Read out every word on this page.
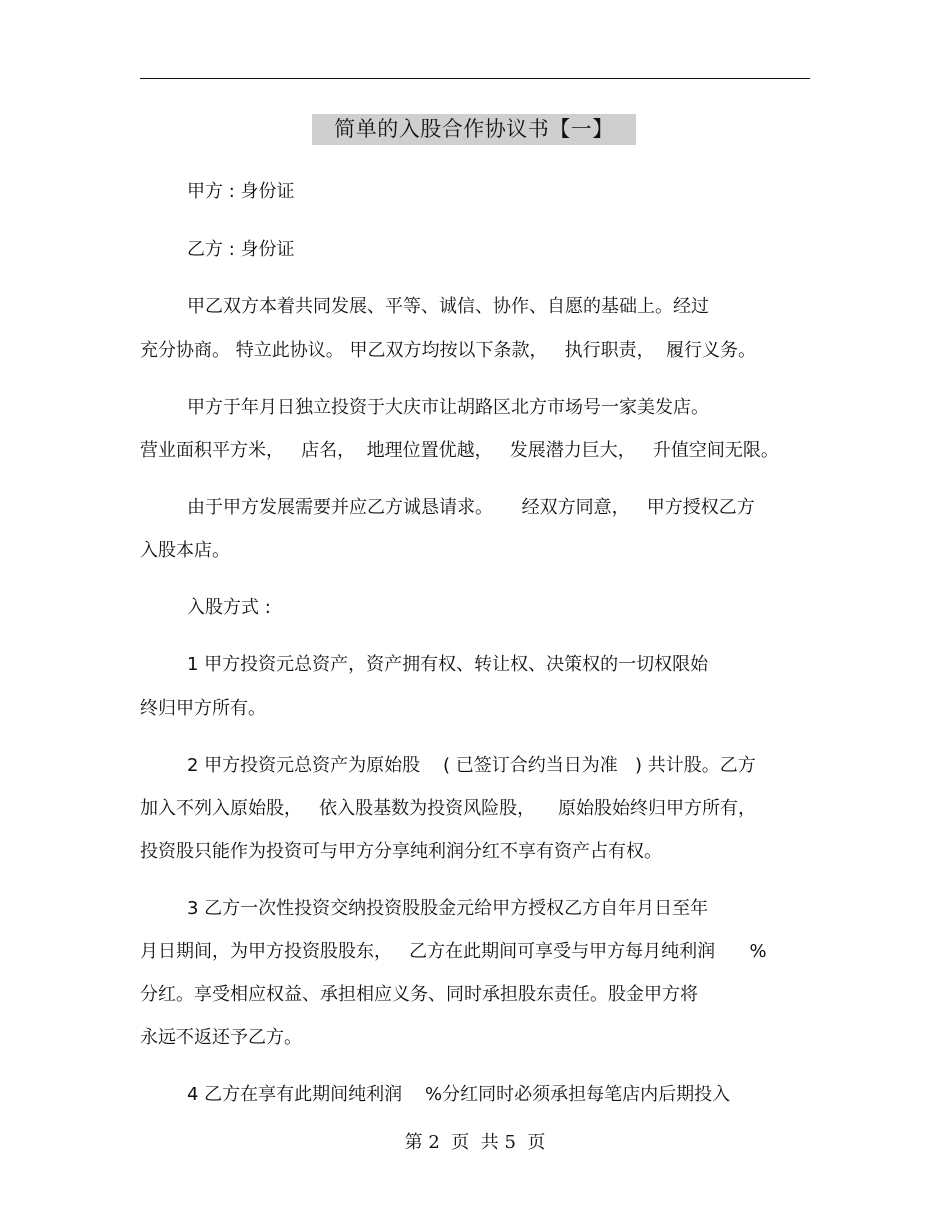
简单的入股合作协议书【一】
甲方 : 身份证
乙方 : 身份证
甲乙双方本着共同发展、平等、诚信、协作、自愿的基础上。经过
充分协商。 特立此协议。 甲乙双方均按以下条款，   执行职责，  履行义务。
甲方于年月日独立投资于大庆市让胡路区北方市场号一家美发店。
营业面积平方米，   店名，  地理位置优越，   发展潜力巨大，   升值空间无限。
由于甲方发展需要并应乙方诚恳请求。     经双方同意，   甲方授权乙方
入股本店。
入股方式 :
1 甲方投资元总资产，资产拥有权、转让权、决策权的一切权限始
终归甲方所有。
2 甲方投资元总资产为原始股    ( 已签订合约当日为准   ) 共计股。乙方
加入不列入原始股，   依入股基数为投资风险股，    原始股始终归甲方所有，
投资股只能作为投资可与甲方分享纯利润分红不享有资产占有权。
3 乙方一次性投资交纳投资股股金元给甲方授权乙方自年月日至年
月日期间，为甲方投资股股东，   乙方在此期间可享受与甲方每月纯利润      %
分红。享受相应权益、承担相应义务、同时承担股东责任。股金甲方将
永远不返还予乙方。
4 乙方在享有此期间纯利润    %分红同时必须承担每笔店内后期投入
第 2  页  共 5  页
